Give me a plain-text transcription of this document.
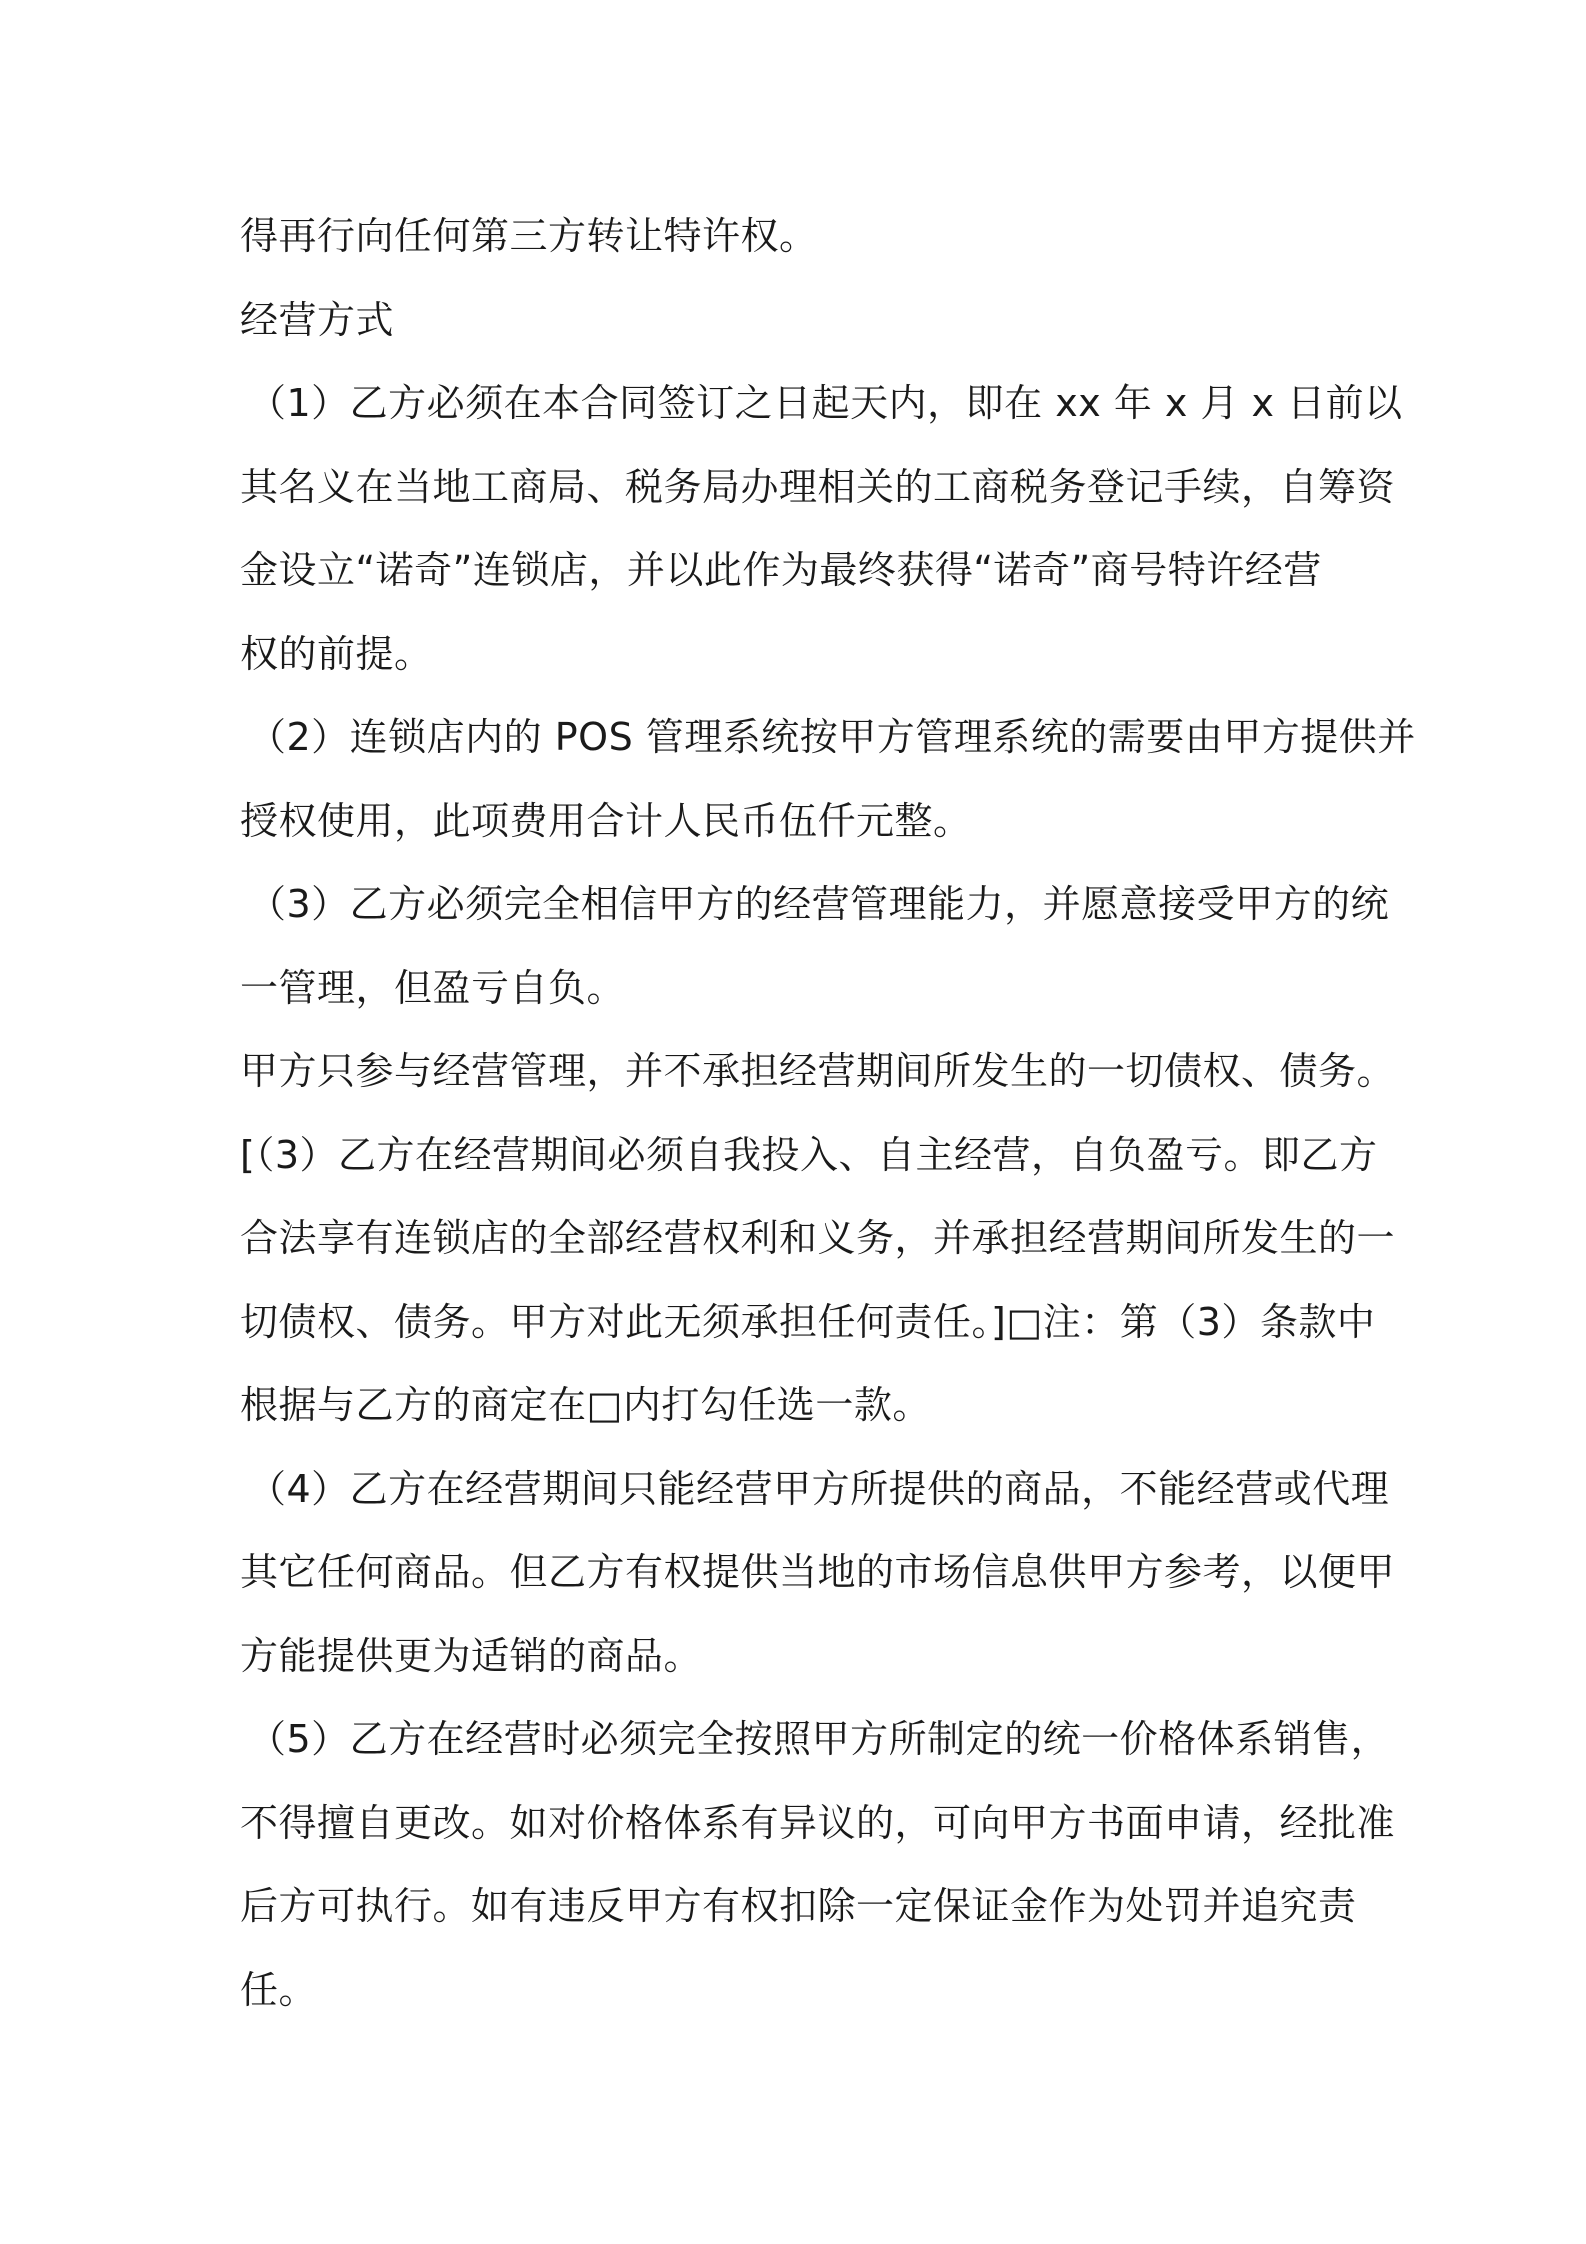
得再行向任何第三方转让特许权。
经营方式
（1）乙方必须在本合同签订之日起天内，即在 xx 年 x 月 x 日前以
其名义在当地工商局、税务局办理相关的工商税务登记手续，自筹资
金设立“诺奇”连锁店，并以此作为最终获得“诺奇”商号特许经营
权的前提。
（2）连锁店内的 POS 管理系统按甲方管理系统的需要由甲方提供并
授权使用，此项费用合计人民币伍仟元整。
（3）乙方必须完全相信甲方的经营管理能力，并愿意接受甲方的统
一管理，但盈亏自负。
甲方只参与经营管理，并不承担经营期间所发生的一切债权、债务。
[（3）乙方在经营期间必须自我投入、自主经营，自负盈亏。即乙方
合法享有连锁店的全部经营权利和义务，并承担经营期间所发生的一
切债权、债务。甲方对此无须承担任何责任。]□注：第（3）条款中
根据与乙方的商定在□内打勾任选一款。
（4）乙方在经营期间只能经营甲方所提供的商品，不能经营或代理
其它任何商品。但乙方有权提供当地的市场信息供甲方参考，以便甲
方能提供更为适销的商品。
（5）乙方在经营时必须完全按照甲方所制定的统一价格体系销售，
不得擅自更改。如对价格体系有异议的，可向甲方书面申请，经批准
后方可执行。如有违反甲方有权扣除一定保证金作为处罚并追究责
任。
